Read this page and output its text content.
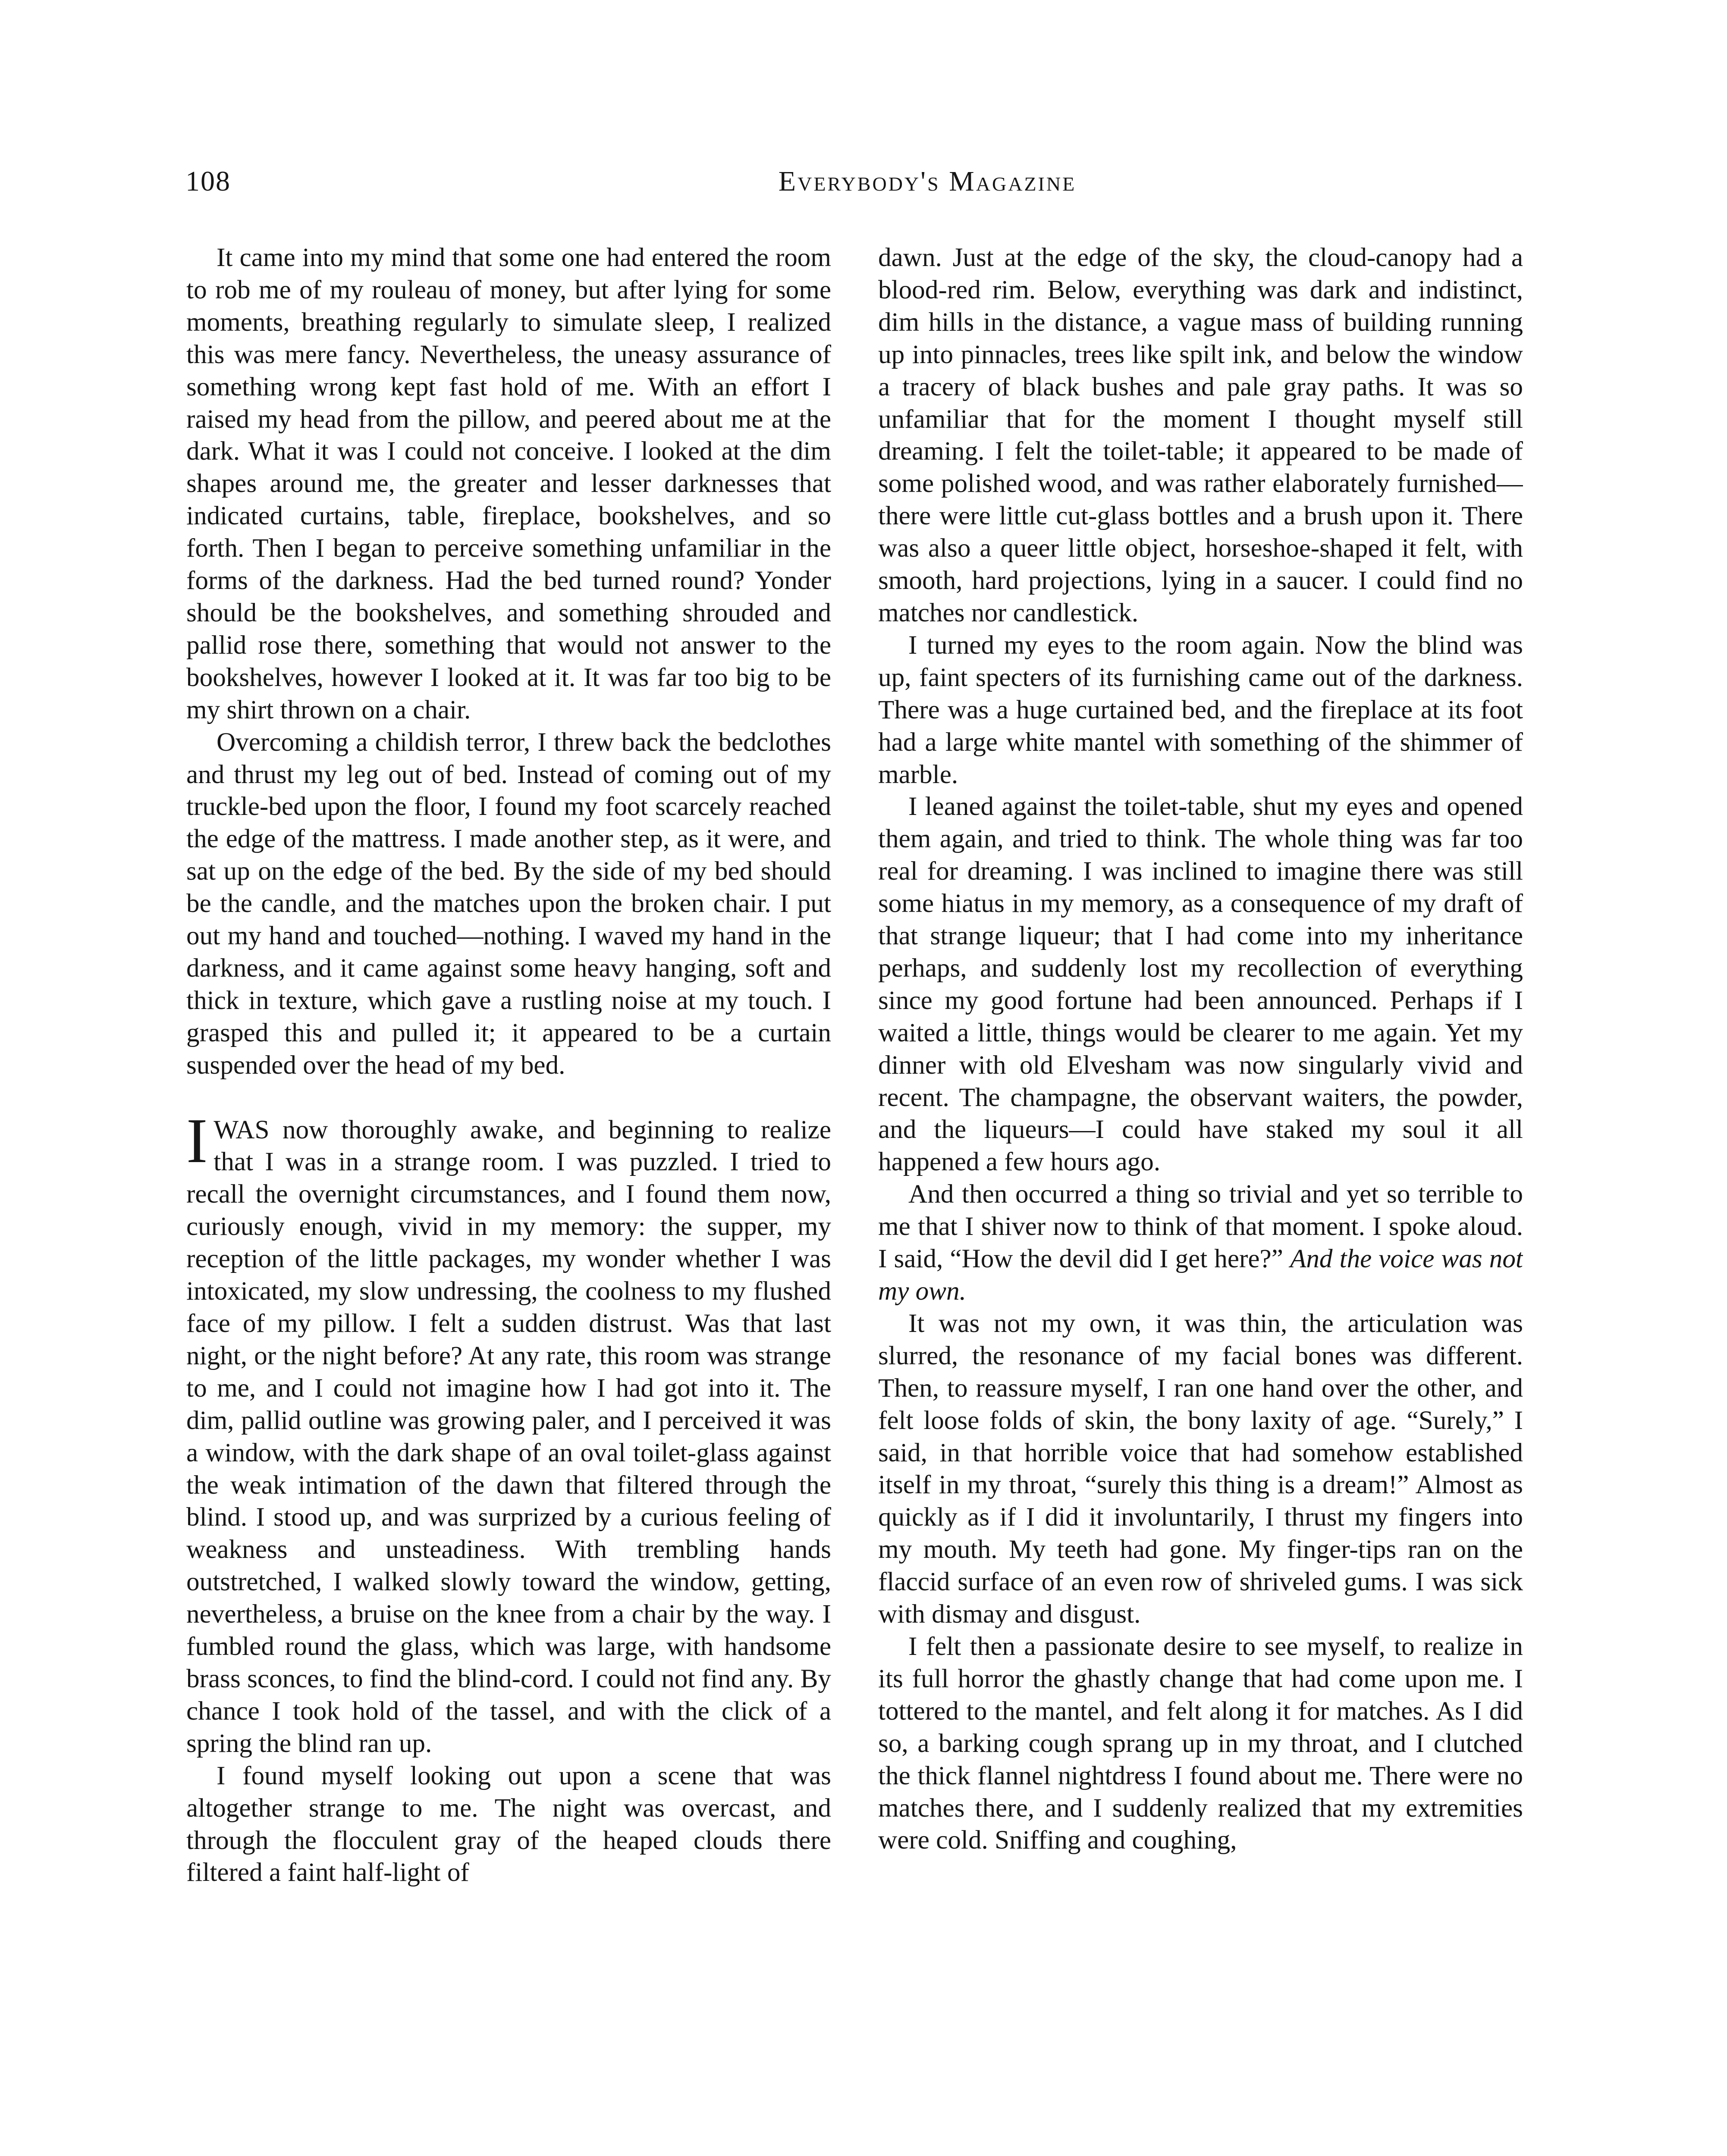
108	Everybody's Magazine

It came into my mind that some one had entered the room to rob me of my rouleau of money, but after lying for some moments, breathing regularly to simulate sleep, I realized this was mere fancy. Nevertheless, the uneasy assurance of something wrong kept fast hold of me. With an effort I raised my head from the pillow, and peered about me at the dark. What it was I could not conceive. I looked at the dim shapes around me, the greater and lesser darknesses that indicated curtains, table, fireplace, bookshelves, and so forth. Then I began to perceive something unfamiliar in the forms of the darkness. Had the bed turned round? Yonder should be the bookshelves, and something shrouded and pallid rose there, something that would not answer to the bookshelves, however I looked at it. It was far too big to be my shirt thrown on a chair.

Overcoming a childish terror, I threw back the bedclothes and thrust my leg out of bed. Instead of coming out of my truckle-bed upon the floor, I found my foot scarcely reached the edge of the mattress. I made another step, as it were, and sat up on the edge of the bed. By the side of my bed should be the candle, and the matches upon the broken chair. I put out my hand and touched—nothing. I waved my hand in the darkness, and it came against some heavy hanging, soft and thick in texture, which gave a rustling noise at my touch. I grasped this and pulled it; it appeared to be a curtain suspended over the head of my bed.

IWAS now thoroughly awake, and beginning to realize that I was in a strange room. I was puzzled. I tried to recall the overnight circumstances, and I found them now, curiously enough, vivid in my memory: the supper, my reception of the little packages, my wonder whether I was intoxicated, my slow undressing, the coolness to my flushed face of my pillow. I felt a sudden distrust. Was that last night, or the night before? At any rate, this room was strange to me, and I could not imagine how I had got into it. The dim, pallid outline was growing paler, and I perceived it was a window, with the dark shape of an oval toilet-glass against the weak intimation of the dawn that filtered through the blind. I stood up, and was surprized by a curious feeling of weakness and unsteadiness. With trembling hands outstretched, I walked slowly toward the window, getting, nevertheless, a bruise on the knee from a chair by the way. I fumbled round the glass, which was large, with handsome brass sconces, to find the blind-cord. I could not find any. By chance I took hold of the tassel, and with the click of a spring the blind ran up.

I found myself looking out upon a scene that was altogether strange to me. The night was overcast, and through the flocculent gray of the heaped clouds there filtered a faint half-light of

dawn. Just at the edge of the sky, the cloud-canopy had a blood-red rim. Below, everything was dark and indistinct, dim hills in the distance, a vague mass of building running up into pinnacles, trees like spilt ink, and below the window a tracery of black bushes and pale gray paths. It was so unfamiliar that for the moment I thought myself still dreaming. I felt the toilet-table; it appeared to be made of some polished wood, and was rather elaborately furnished—there were little cut-glass bottles and a brush upon it. There was also a queer little object, horseshoe-shaped it felt, with smooth, hard projections, lying in a saucer. I could find no matches nor candlestick.

I turned my eyes to the room again. Now the blind was up, faint specters of its furnishing came out of the darkness. There was a huge curtained bed, and the fireplace at its foot had a large white mantel with something of the shimmer of marble.

I leaned against the toilet-table, shut my eyes and opened them again, and tried to think. The whole thing was far too real for dreaming. I was inclined to imagine there was still some hiatus in my memory, as a consequence of my draft of that strange liqueur; that I had come into my inheritance perhaps, and suddenly lost my recollection of everything since my good fortune had been announced. Perhaps if I waited a little, things would be clearer to me again. Yet my dinner with old Elvesham was now singularly vivid and recent. The champagne, the observant waiters, the powder, and the liqueurs—I could have staked my soul it all happened a few hours ago.

And then occurred a thing so trivial and yet so terrible to me that I shiver now to think of that moment. I spoke aloud. I said, “How the devil did I get here?” And the voice was not my own.

It was not my own, it was thin, the articulation was slurred, the resonance of my facial bones was different. Then, to reassure myself, I ran one hand over the other, and felt loose folds of skin, the bony laxity of age. “Surely,” I said, in that horrible voice that had somehow established itself in my throat, “surely this thing is a dream!” Almost as quickly as if I did it involuntarily, I thrust my fingers into my mouth. My teeth had gone. My finger-tips ran on the flaccid surface of an even row of shriveled gums. I was sick with dismay and disgust.

I felt then a passionate desire to see myself, to realize in its full horror the ghastly change that had come upon me. I tottered to the mantel, and felt along it for matches. As I did so, a barking cough sprang up in my throat, and I clutched the thick flannel nightdress I found about me. There were no matches there, and I suddenly realized that my extremities were cold. Sniffing and coughing,
